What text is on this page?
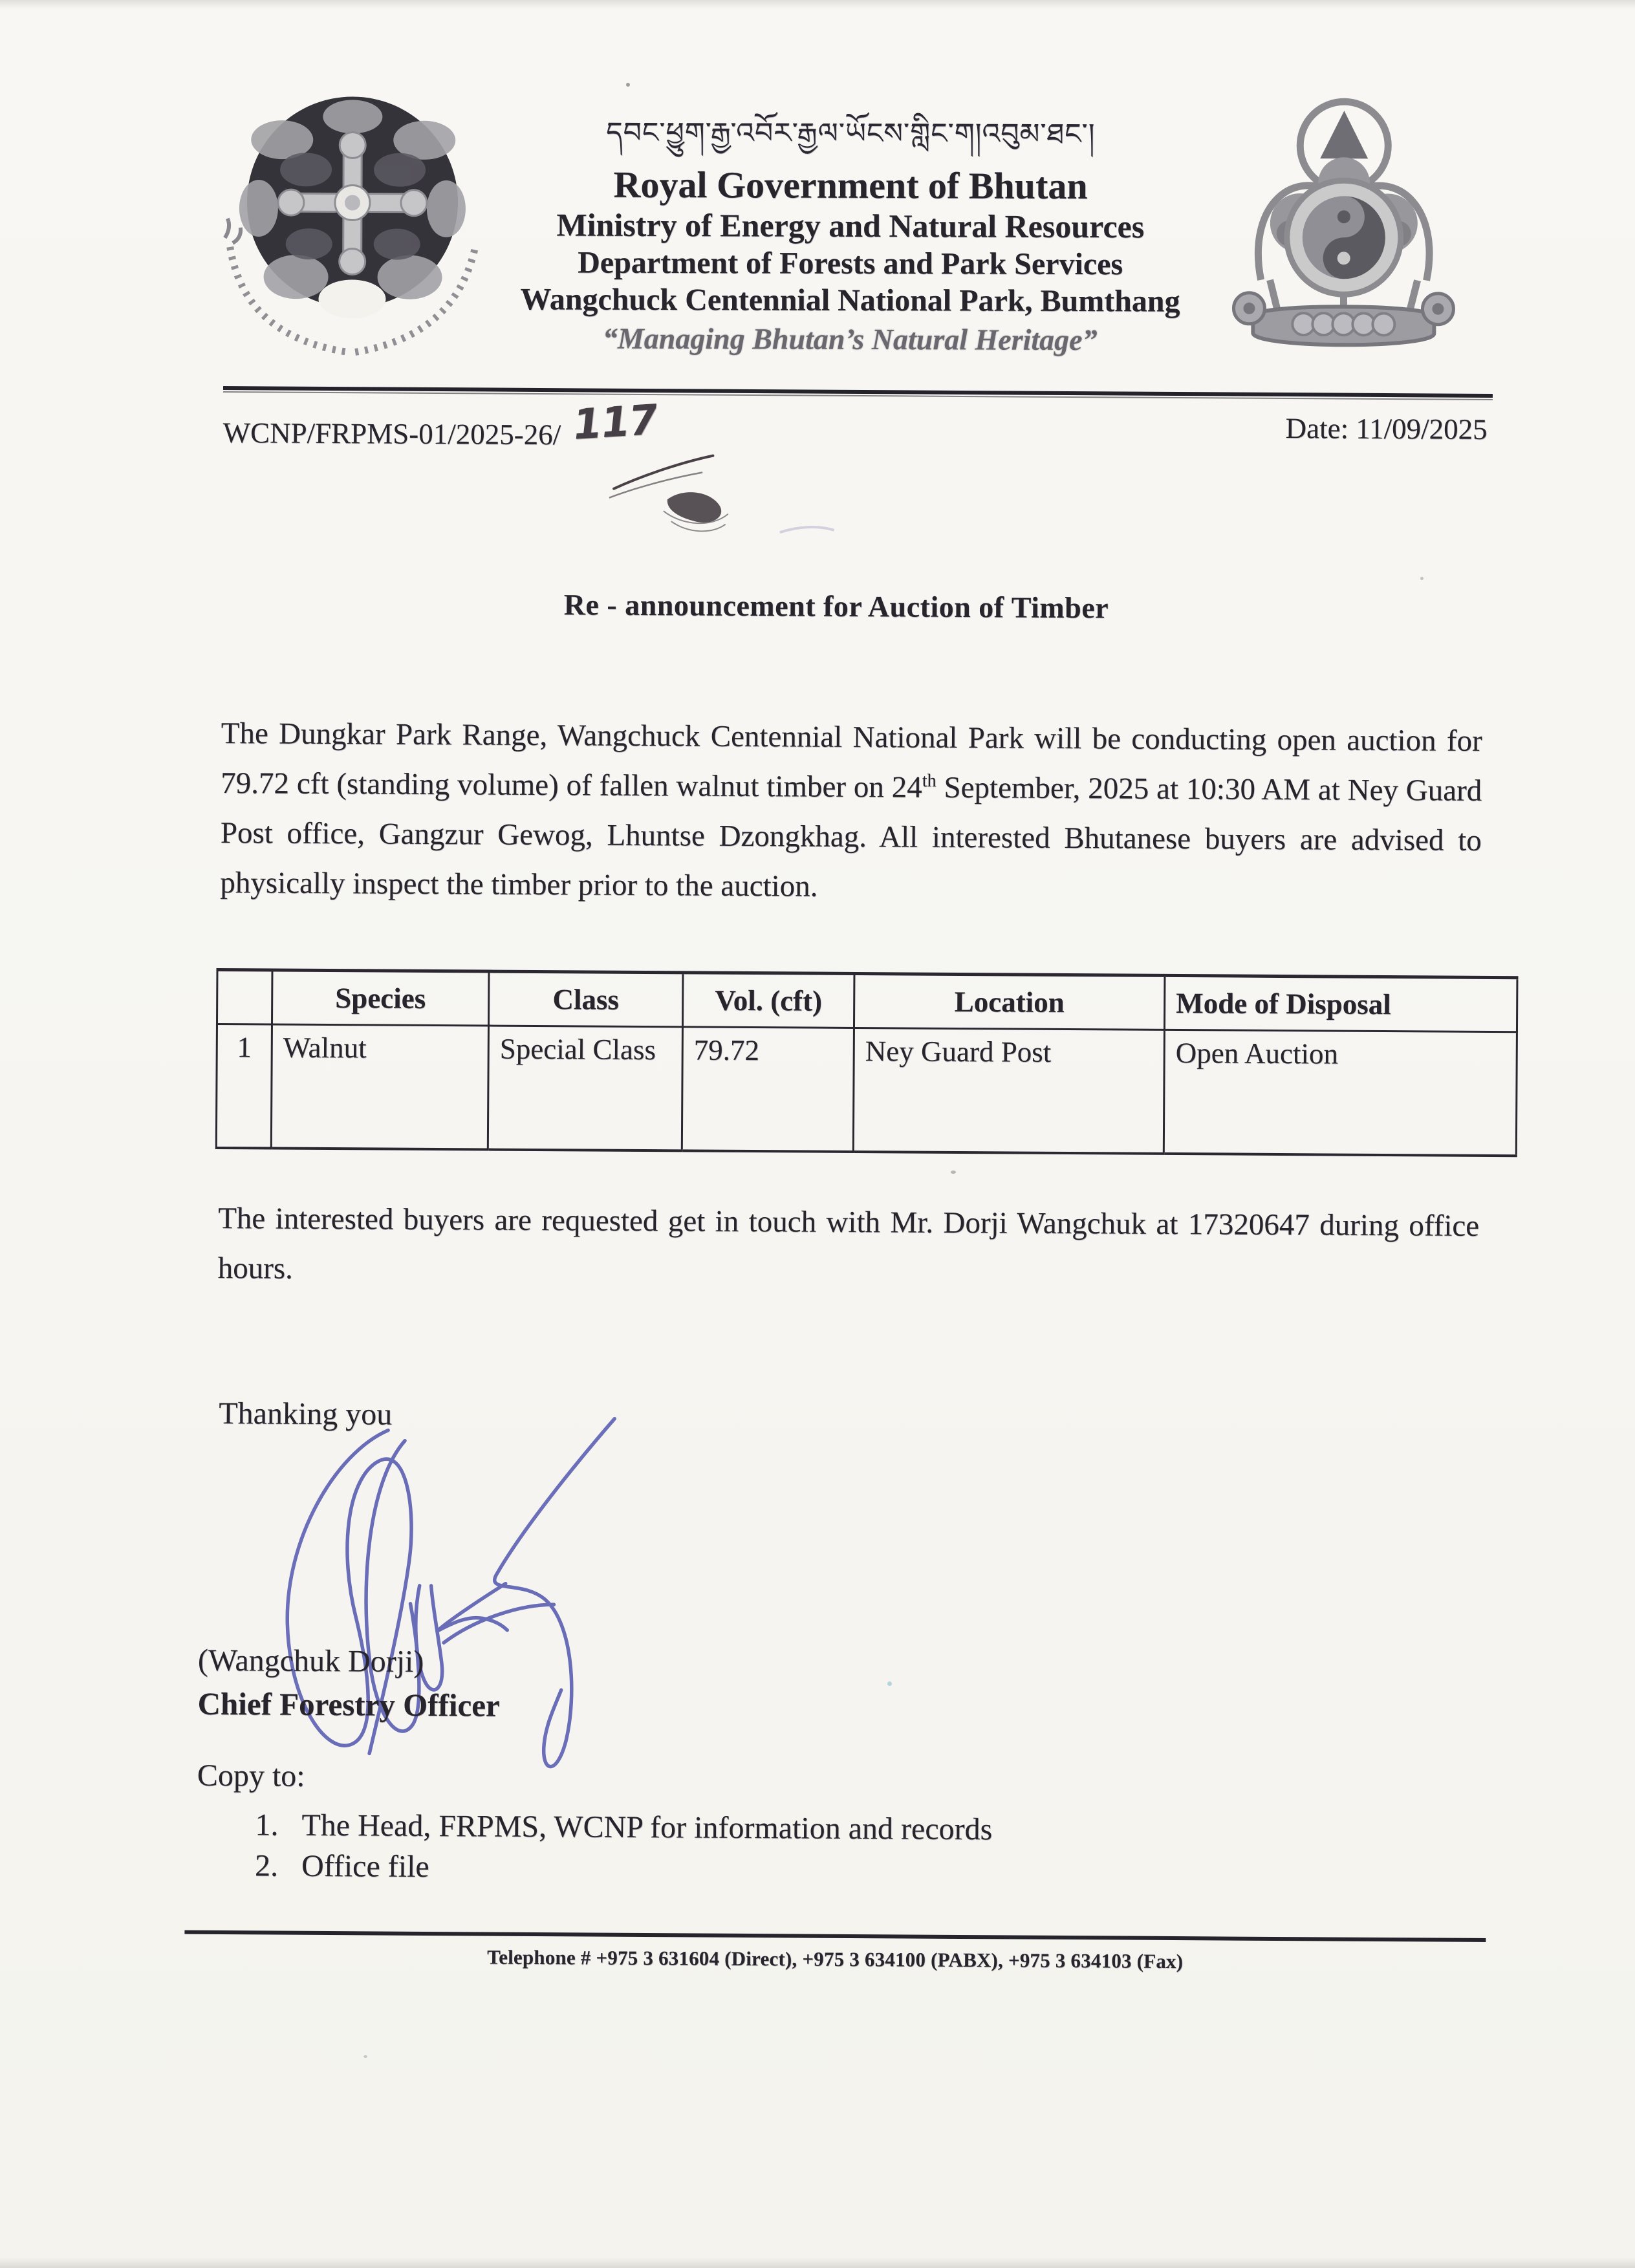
དབང་ཕྱུག་རྒྱ་འབོར་རྒྱལ་ཡོངས་གླིང་ག།འབུམ་ཐང་།
Royal Government of Bhutan
Ministry of Energy and Natural Resources
Department of Forests and Park Services
Wangchuck Centennial National Park, Bumthang
“Managing Bhutan’s Natural Heritage”
WCNP/FRPMS-01/2025-26/ 117	Date: 11/09/2025
Re - announcement for Auction of Timber
The Dungkar Park Range, Wangchuck Centennial National Park will be conducting open auction for 79.72 cft (standing volume) of fallen walnut timber on 24th September, 2025 at 10:30 AM at Ney Guard Post office, Gangzur Gewog, Lhuntse Dzongkhag. All interested Bhutanese buyers are advised to physically inspect the timber prior to the auction.
	Species	Class	Vol. (cft)	Location	Mode of Disposal
1	Walnut	Special Class	79.72	Ney Guard Post	Open Auction
The interested buyers are requested get in touch with Mr. Dorji Wangchuk at 17320647 during office hours.
Thanking you
(Wangchuk Dorji)
Chief Forestry Officer
Copy to:
1. The Head, FRPMS, WCNP for information and records
2. Office file
Telephone # +975 3 631604 (Direct), +975 3 634100 (PABX), +975 3 634103 (Fax)
